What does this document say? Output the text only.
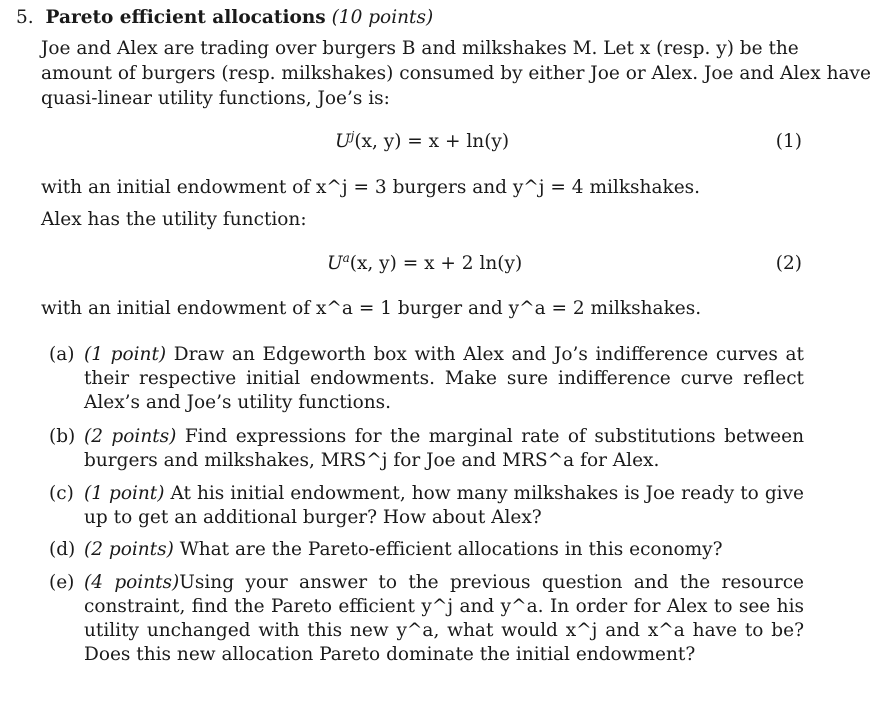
5. Pareto efficient allocations (10 points)
Joe and Alex are trading over burgers B and milkshakes M. Let x (resp. y) be the
amount of burgers (resp. milkshakes) consumed by either Joe or Alex. Joe and Alex have
quasi-linear utility functions, Joe’s is:
$U^j(x$, y) = x + ln(y)	(1)
with an initial endowment of x^j = 3 burgers and y^j = 4 milkshakes.
Alex has the utility function:
$U^a(x$, y) = x + 2 ln(y)	(2)
with an initial endowment of x^a = 1 burger and y^a = 2 milkshakes.
(a) (1 point) Draw an Edgeworth box with Alex and Jo’s indifference curves at their respective initial endowments. Make sure indifference curve reflect Alex’s and Joe’s utility functions.
(b) (2 points) Find expressions for the marginal rate of substitutions between burgers and milkshakes, MRS^j for Joe and MRS^a for Alex.
(c) (1 point) At his initial endowment, how many milkshakes is Joe ready to give up to get an additional burger? How about Alex?
(d) (2 points) What are the Pareto-efficient allocations in this economy?
(e) (4 points)Using your answer to the previous question and the resource constraint, find the Pareto efficient y^j and y^a. In order for Alex to see his utility unchanged with this new y^a, what would x^j and x^a have to be? Does this new allocation Pareto dominate the initial endowment?
